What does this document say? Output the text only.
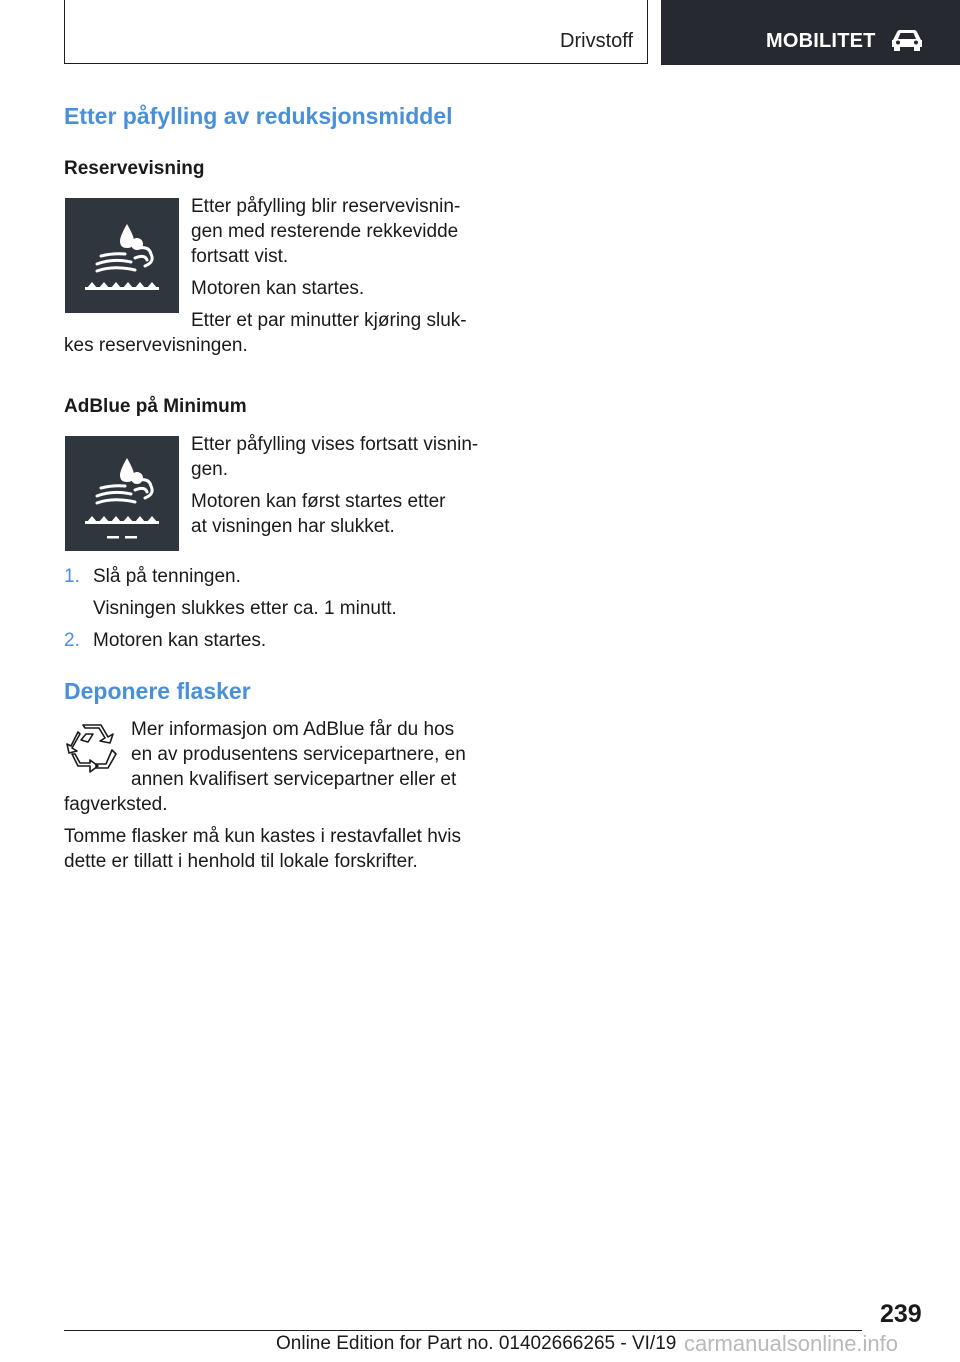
Drivstoff	MOBILITET
Etter påfylling av reduksjonsmiddel
Reservevisning
Etter påfylling blir reservevisnin-
gen med resterende rekkevidde
fortsatt vist.
Motoren kan startes.
Etter et par minutter kjøring sluk-
kes reservevisningen.
AdBlue på Minimum
Etter påfylling vises fortsatt visnin-
gen.
Motoren kan først startes etter
at visningen har slukket.
1. Slå på tenningen.
Visningen slukkes etter ca. 1 minutt.
2. Motoren kan startes.
Deponere flasker
Mer informasjon om AdBlue får du hos
en av produsentens servicepartnere, en
annen kvalifisert servicepartner eller et
fagverksted.
Tomme flasker må kun kastes i restavfallet hvis
dette er tillatt i henhold til lokale forskrifter.
239
Online Edition for Part no. 01402666265 - VI/19 carmanualsonline.info
